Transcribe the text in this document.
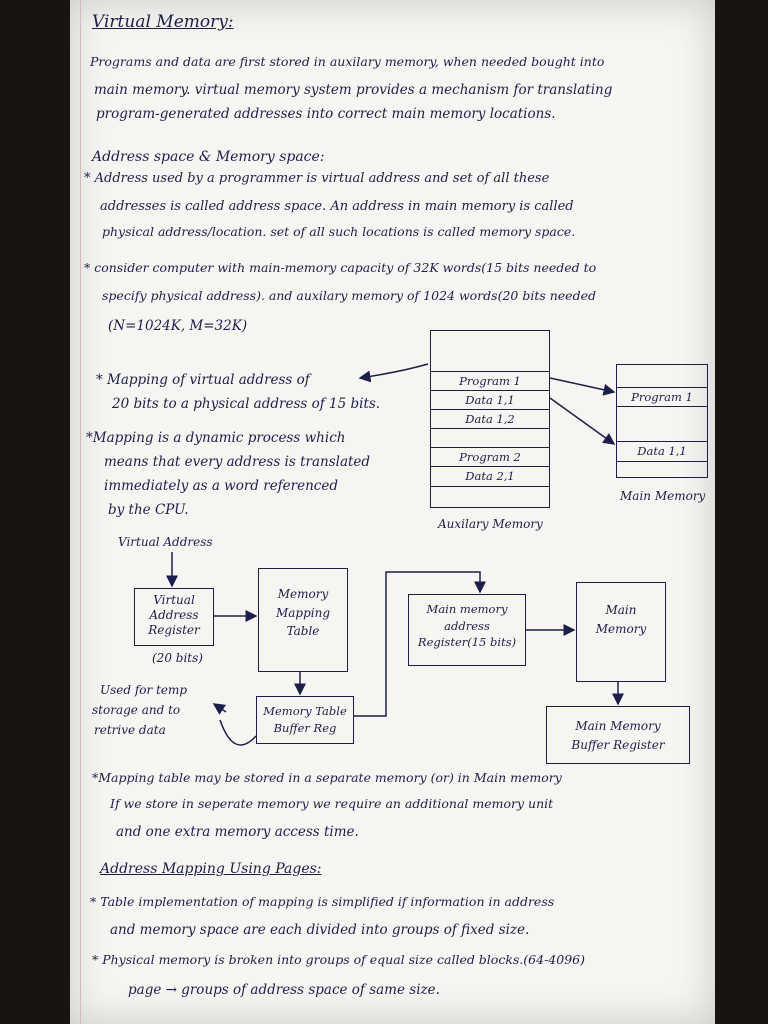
Virtual Memory:
Programs and data are first stored in auxilary memory, when needed bought into
main memory. virtual memory system provides a mechanism for translating
program-generated addresses into correct main memory locations.
Address space & Memory space:
* Address used by a programmer is virtual address and set of all these
addresses is called address space. An address in main memory is called
physical address/location. set of all such locations is called memory space.
* consider computer with main-memory capacity of 32K words(15 bits needed to
specify physical address). and auxilary memory of 1024 words(20 bits needed
(N=1024K, M=32K)
* Mapping of virtual address of
20 bits to a physical address of 15 bits.
*Mapping is a dynamic process which
means that every address is translated
immediately as a word referenced
by the CPU.
Program 1
Data 1,1
Data 1,2
Program 2
Data 2,1
Auxilary Memory
Program 1
Data 1,1
Main Memory
Virtual Address
Virtual
Address
Register
(20 bits)
Memory
Mapping
Table
Memory Table
Buffer Reg
Used for temp
storage and to
retrive data
Main memory
address
Register(15 bits)
Main
Memory
Main Memory
Buffer Register
*Mapping table may be stored in a separate memory (or) in Main memory
If we store in seperate memory we require an additional memory unit
and one extra memory access time.
Address Mapping Using Pages:
* Table implementation of mapping is simplified if information in address
and memory space are each divided into groups of fixed size.
* Physical memory is broken into groups of equal size called blocks.(64-4096)
page → groups of address space of same size.
